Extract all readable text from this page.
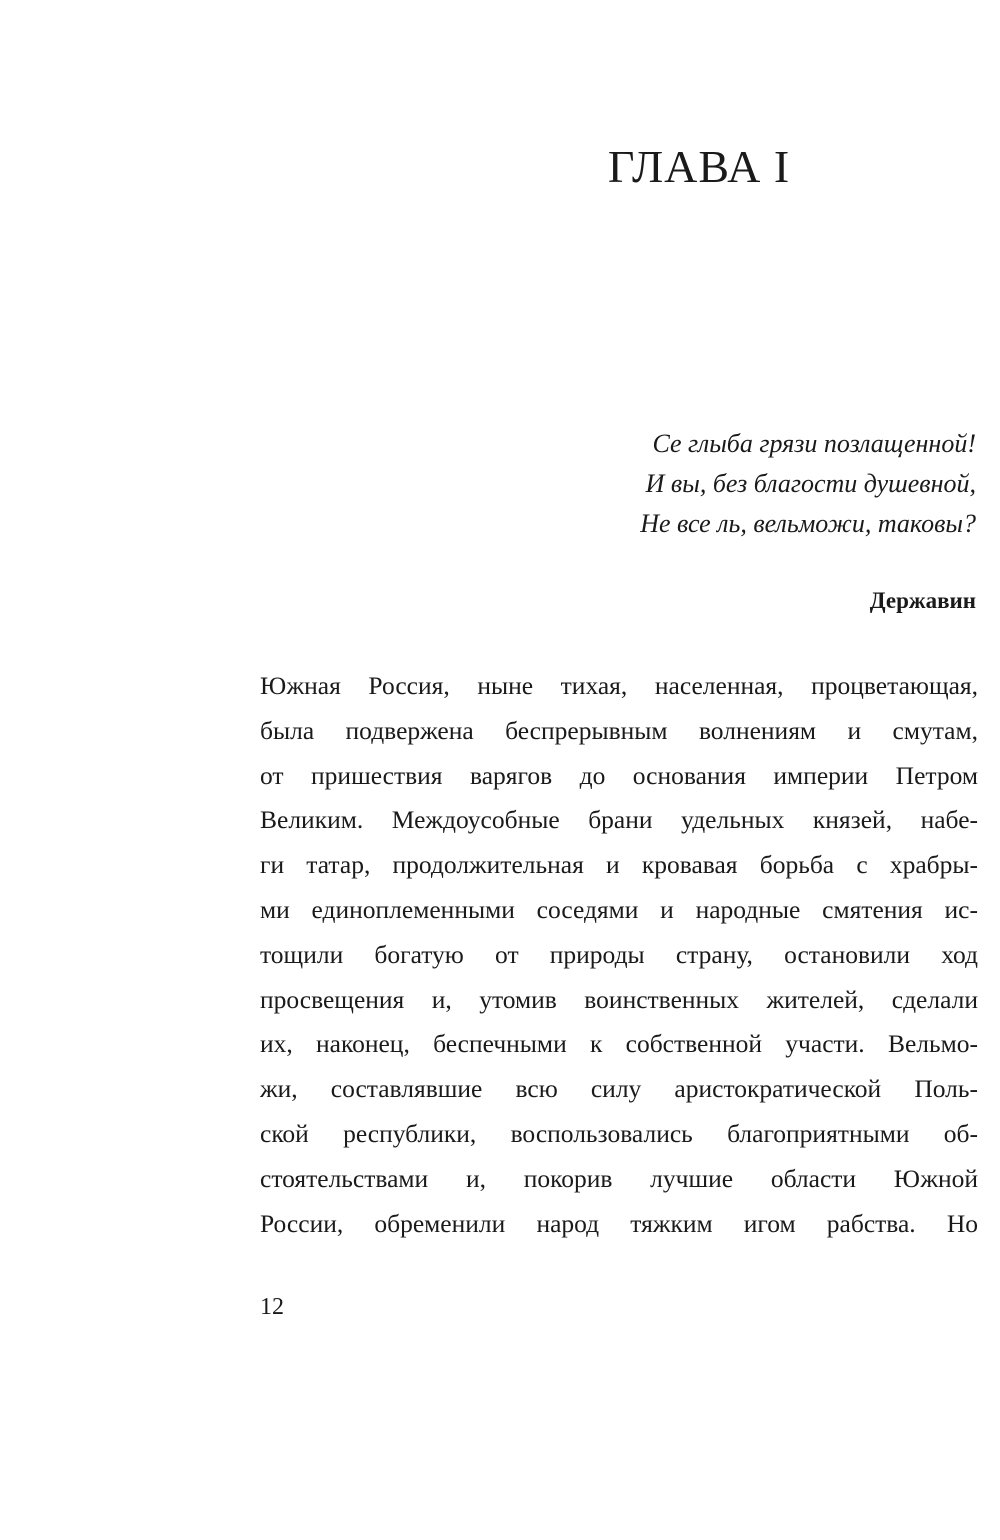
ГЛАВА I
Се глыба грязи позлащенной!
И вы, без благости душевной,
Не все ль, вельможи, таковы?
Державин
Южная Россия, ныне тихая, населенная, процветающая,
была подвержена беспрерывным волнениям и смутам,
от пришествия варягов до основания империи Петром
Великим. Междоусобные брани удельных князей, набе-
ги татар, продолжительная и кровавая борьба с храбры-
ми единоплеменными соседями и народные смятения ис-
тощили богатую от природы страну, остановили ход
просвещения и, утомив воинственных жителей, сделали
их, наконец, беспечными к собственной участи. Вельмо-
жи, составлявшие всю силу аристократической Поль-
ской республики, воспользовались благоприятными об-
стоятельствами и, покорив лучшие области Южной
России, обременили народ тяжким игом рабства. Но
12
